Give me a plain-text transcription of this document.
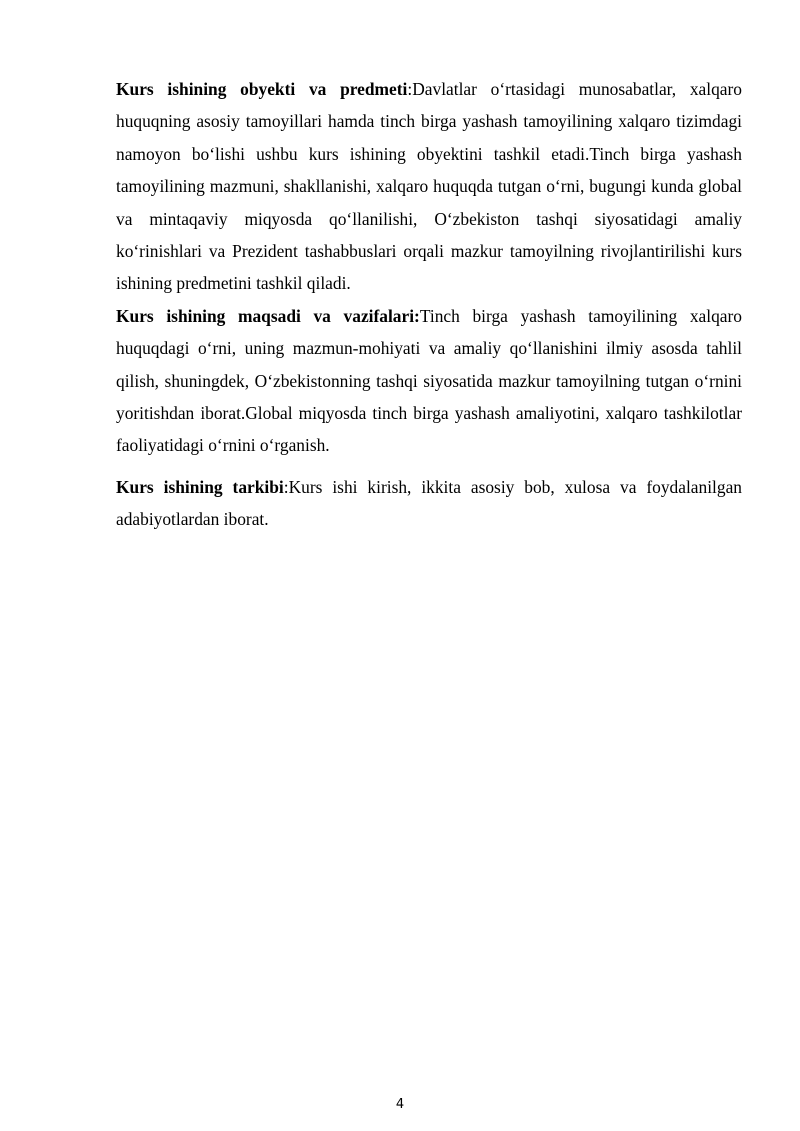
Kurs ishining obyekti va predmeti:Davlatlar o‘rtasidagi munosabatlar, xalqaro huquqning asosiy tamoyillari hamda tinch birga yashash tamoyilining xalqaro tizimdagi namoyon bo‘lishi ushbu kurs ishining obyektini tashkil etadi.Tinch birga yashash tamoyilining mazmuni, shakllanishi, xalqaro huquqda tutgan o‘rni, bugungi kunda global va mintaqaviy miqyosda qo‘llanilishi, O‘zbekiston tashqi siyosatidagi amaliy ko‘rinishlari va Prezident tashabbuslari orqali mazkur tamoyilning rivojlantirilishi kurs ishining predmetini tashkil qiladi.

Kurs ishining maqsadi va vazifalari:Tinch birga yashash tamoyilining xalqaro huquqdagi o‘rni, uning mazmun-mohiyati va amaliy qo‘llanishini ilmiy asosda tahlil qilish, shuningdek, O‘zbekistonning tashqi siyosatida mazkur tamoyilning tutgan o‘rnini yoritishdan iborat.Global miqyosda tinch birga yashash amaliyotini, xalqaro tashkilotlar faoliyatidagi o‘rnini o‘rganish.

Kurs ishining tarkibi:Kurs ishi kirish, ikkita asosiy bob, xulosa va foydalanilgan adabiyotlardan iborat.

4
